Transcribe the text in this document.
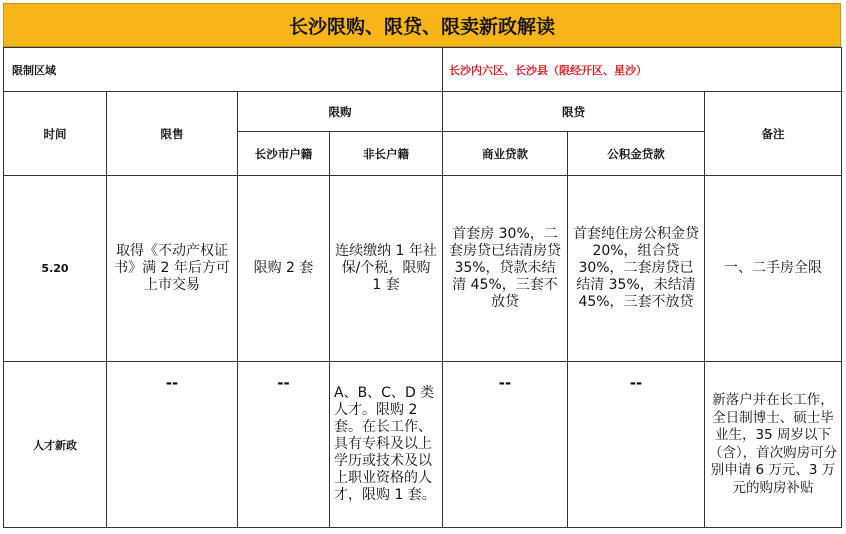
长沙限购、限贷、限卖新政解读
限制区域				长沙内六区、长沙县（限经开区、星沙）		
时间	限售	限购		限贷		备注
		长沙市户籍	非长户籍	商业贷款	公积金贷款	
5.20	取得《不动产权证书》满 2 年后方可上市交易	限购 2 套	连续缴纳 1 年社保/个税，限购 1 套	首套房 30%，二套房贷已结清房贷 35%，贷款未结清 45%，三套不放贷	首套纯住房公积金贷 20%，组合贷 30%，二套房贷已结清 35%，未结清 45%，三套不放贷	一、二手房全限
人才新政	--	--	A、B、C、D 类人才。限购 2 套。在长工作、具有专科及以上学历或技术及以上职业资格的人才，限购 1 套。	--	--	新落户并在长工作，全日制博士、硕士毕业生，35 周岁以下（含），首次购房可分别申请 6 万元、3 万元的购房补贴
